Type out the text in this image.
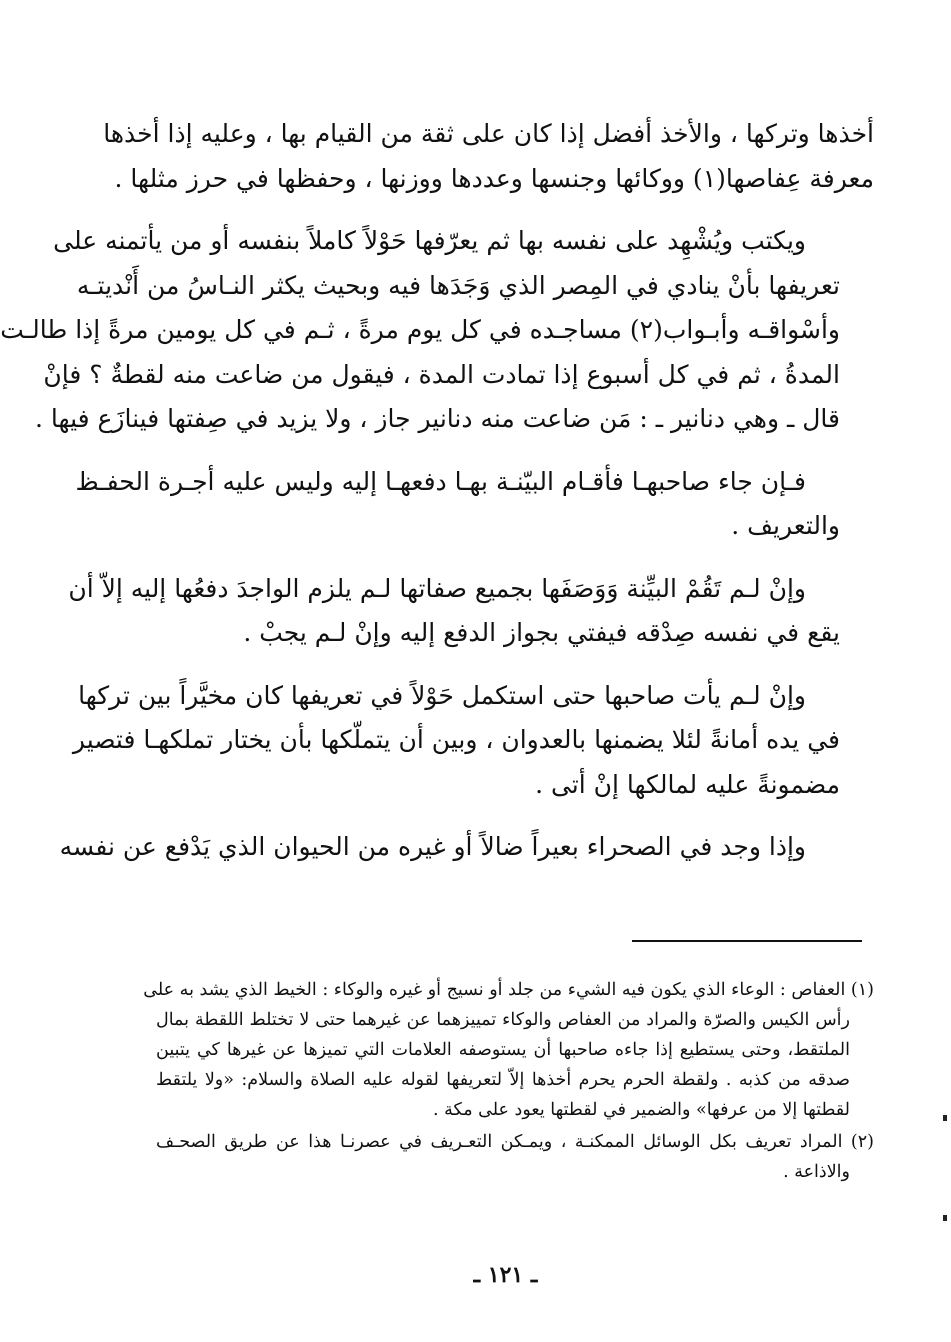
أخذها وتركها ، والأخذ أفضل إذا كان على ثقة من القيام بها ، وعليه إذا أخذها
معرفة عِفاصها(١) ووكائها وجنسها وعددها ووزنها ، وحفظها في حرز مثلها .

ويكتب ويُشْهِد على نفسه بها ثم يعرّفها حَوْلاً كاملاً بنفسه أو من يأتمنه على
تعريفها بأنْ ينادي في المِصر الذي وَجَدَها فيه وبحيث يكثر النـاسُ من أَنْديتـه
وأسْواقـه وأبـواب(٢) مساجـده في كل يوم مرةً ، ثـم في كل يومين مرةً إذا طالـت
المدةُ ، ثم في كل أسبوع إذا تمادت المدة ، فيقول من ضاعت منه لقطةٌ ؟ فإنْ
قال ـ وهي دنانير ـ : مَن ضاعت منه دنانير جاز ، ولا يزيد في صِفتها فينازَع فيها .

فـإن جاء صاحبهـا فأقـام البيّنـة بهـا دفعهـا إليه وليس عليه أجـرة الحفـظ
والتعريف .

وإنْ لـم تَقُمْ البيِّنة وَوَصَفَها بجميع صفاتها لـم يلزم الواجدَ دفعُها إليه إلاّ أن
يقع في نفسه صِدْقه فيفتي بجواز الدفع إليه وإنْ لـم يجبْ .

وإنْ لـم يأت صاحبها حتى استكمل حَوْلاً في تعريفها كان مخيَّراً بين تركها
في يده أمانةً لئلا يضمنها بالعدوان ، وبين أن يتملّكها بأن يختار تملكهـا فتصير
مضمونةً عليه لمالكها إنْ أتى .

وإذا وجد في الصحراء بعيراً ضالاً أو غيره من الحيوان الذي يَدْفع عن نفسه

(١) العفاص : الوعاء الذي يكون فيه الشيء من جلد أو نسيج أو غيره والوكاء : الخيط الذي يشد به على
رأس الكيس والصرّة والمراد من العفاص والوكاء تمييزهما عن غيرهما حتى لا تختلط اللقطة بمال
الملتقط، وحتى يستطيع إذا جاءه صاحبها أن يستوصفه العلامات التي تميزها عن غيرها كي يتبين
صدقه من كذبه . ولقطة الحرم يحرم أخذها إلاّ لتعريفها لقوله عليه الصلاة والسلام: «ولا يلتقط
لقطتها إلا من عرفها» والضمير في لقطتها يعود على مكة .
(٢) المراد تعريف بكل الوسائل الممكنـة ، ويمـكن التعـريف في عصرنـا هذا عن طريق الصحـف
والاذاعة .
ـ ١٢١ ـ
